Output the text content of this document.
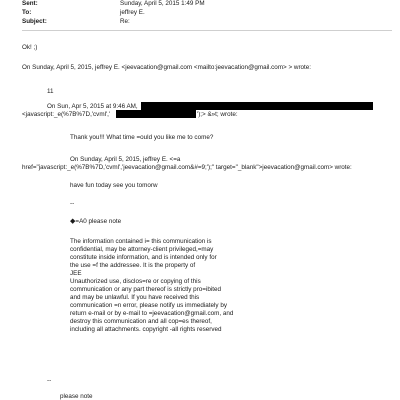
Sent:	Sunday, April 5, 2015 1:49 PM
To:	jeffrey E.
Subject:	Re:
Ok! ;)
On Sunday, April 5, 2015, jeffrey E. <jeevacation@gmail.com <mailto:jeevacation@gmail.com> > wrote:
11
On Sun, Apr 5, 2015 at 9:46 AM,
<javascript:_e(%7B%7D,'cvml','	');> &»t; wrote:
Thank you!!! What time =ould you like me to come?
On Sunday, April 5, 2015, jeffrey E. <=a
href="javascript:_e(%7B%7D,'cvml','jeevacation@gmail.com&#=9;');" target="_blank">jeevacation@gmail.com> wrote:
have fun today see you tomorw
--
◆=A0 please note
The information contained i= this communication is
confidential, may be attorney-client privileged,=may
constitute inside information, and is intended only for
the use =f the addressee. It is the property of
JEE
Unauthorized use, disclos=re or copying of this
communication or any part thereof is strictly pro=ibited
and may be unlawful. If you have received this
communication =n error, please notify us immediately by
return e-mail or by e-mail to =jeevacation@gmail.com, and
destroy this communication and all cop=es thereof,
including all attachments. copyright -all rights reserved
--
please note
